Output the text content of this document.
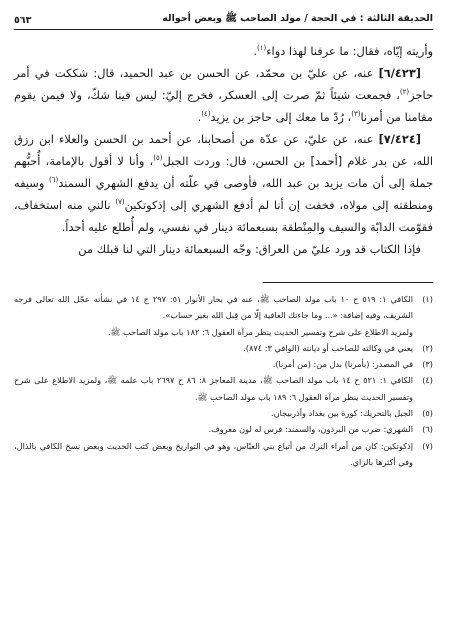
الحديقة الثالثة : في الحجة / مولد الصاحب ﷺ وبعض أحواله
٥٦٣

وأريته إيّاه، فقال: ما عرفنا لهذا دواء$^{(١)}$.

[٦/٤٢٣] عنه، عن عليّ بن محمّد، عن الحسن بن عبد الحميد، قال: شككت في أمر حاجز$^{(٢)}$، فجمعت شيئاً ثمّ صرت إلى العسكر، فخرج إليّ: ليس فينا شكّ، ولا فيمن يقوم مقامنا من أمرنا$^{(٣)}$، رُدّ ما معك إلى حاجز بن يزيد$^{(٤)}$.

[٧/٤٢٤] عنه، عن عليّ، عن عدّة من أصحابنا، عن أحمد بن الحسن والعلاء ابن رزق الله، عن بدر غلام [أحمد] بن الحسن، قال: وردت الجبل$^{(٥)}$، وأنا لا أقول بالإمامة، أُحبُّهم جملة إلى أن مات يزيد بن عبد الله، فأوصى في علّته أن يدفع الشهري السمند$^{(٦)}$ وسيفه ومنطقته إلى مولاه، فخفت إن أنا لم أدفع الشهري إلى إذكوتكين$^{(٧)}$ نالني منه استخفاف، فقوّمت الدابّة والسيف والمِنْطقة بسبعمائة دينار في نفسي، ولم أُطلع عليه أحداً.

فإذا الكتاب قد ورد عليّ من العراق: وجّه السبعمائة دينار التي لنا قبلك من

(١)
الكافي ١: ٥١٩ ح ١٠ باب مولد الصاحب ﷺ، عنه في بحار الأنوار ٥١: ٢٩٧ ح ١٤ في نشأته عجّل الله تعالى فرجه الشريف، وفيه إضافة: «... وما جاءتك العافية إلّا من قِبل الله بغير حساب».
ولمزيد الاطلاع على شرح وتفسير الحديث ينظر مرآة العقول ٦: ١٨٢ باب مولد الصاحب ﷺ.
(٢)
يعني في وكالته للصاحب أو ديانته (الوافي ٣: ٨٧٤).
(٣)
في المصدر: (بأمرنا) بدل من: (من أمرنا).
(٤)
الكافي ١: ٥٢١ ح ١٤ باب مولد الصاحب ﷺ، مدينة المعاجز ٨: ٨٦ ح ٢٦٩٧ باب علمه ﷺ، ولمزيد الاطلاع على شرح وتفسير الحديث ينظر مرآة العقول ٦: ١٨٩ باب مولد الصاحب ﷺ.
(٥)
الجبل بالتحريك: كورة بين بغداد وأذربيجان.
(٦)
الشهري: ضرب من البرذون، والسمند: فرس له لون معروف.
(٧)
إذكوتكين: كان من أمراء الترك من أتباع بني العبّاس، وهو في التواريخ وبعض كتب الحديث وبعض نسخ الكافي بالذال، وفي أكثرها بالزاي.
